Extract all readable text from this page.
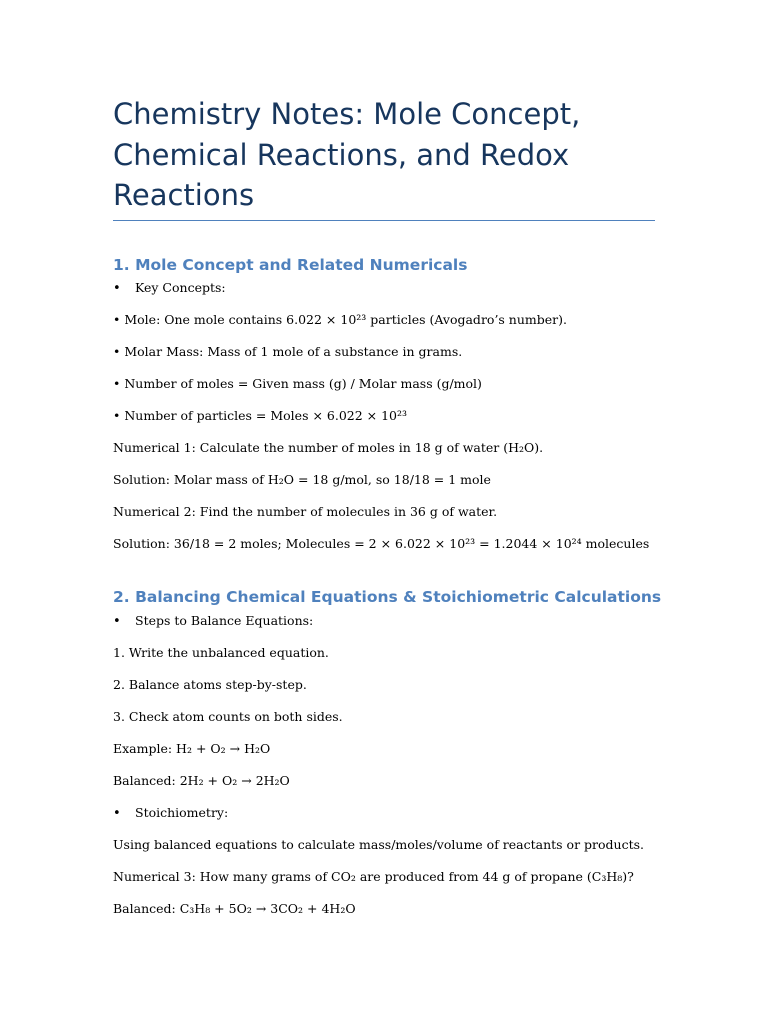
Chemistry Notes: Mole Concept, Chemical Reactions, and Redox Reactions
1. Mole Concept and Related Numericals
• Key Concepts:
• Mole: One mole contains 6.022 × 10²³ particles (Avogadro’s number).
• Molar Mass: Mass of 1 mole of a substance in grams.
• Number of moles = Given mass (g) / Molar mass (g/mol)
• Number of particles = Moles × 6.022 × 10²³
Numerical 1: Calculate the number of moles in 18 g of water (H₂O).
Solution: Molar mass of H₂O = 18 g/mol, so 18/18 = 1 mole
Numerical 2: Find the number of molecules in 36 g of water.
Solution: 36/18 = 2 moles; Molecules = 2 × 6.022 × 10²³ = 1.2044 × 10²⁴ molecules
2. Balancing Chemical Equations & Stoichiometric Calculations
• Steps to Balance Equations:
1. Write the unbalanced equation.
2. Balance atoms step-by-step.
3. Check atom counts on both sides.
Example: H₂ + O₂ → H₂O
Balanced: 2H₂ + O₂ → 2H₂O
• Stoichiometry:
Using balanced equations to calculate mass/moles/volume of reactants or products.
Numerical 3: How many grams of CO₂ are produced from 44 g of propane (C₃H₈)?
Balanced: C₃H₈ + 5O₂ → 3CO₂ + 4H₂O
